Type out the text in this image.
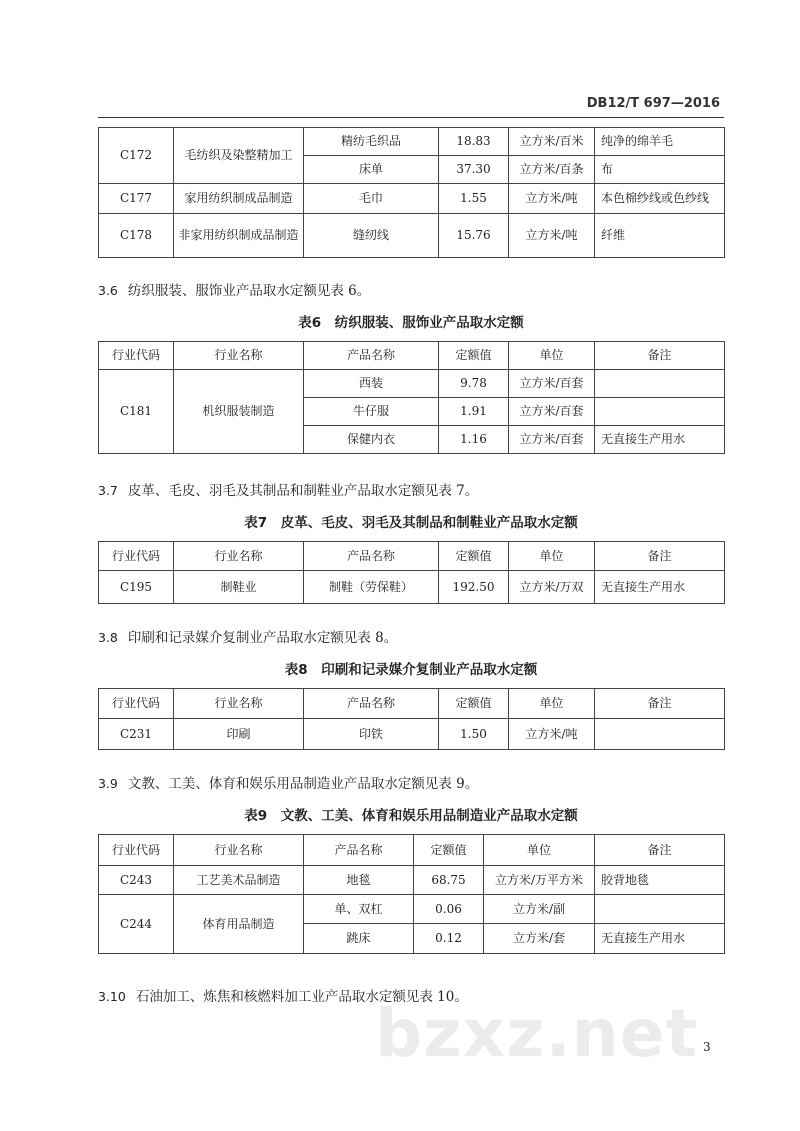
DB12/T 697—2016
C172	毛纺织及染整精加工	精纺毛织品	18.83	立方米/百米	纯净的绵羊毛
		床单	37.30	立方米/百条	布
C177	家用纺织制成品制造	毛巾	1.55	立方米/吨	本色棉纱线或色纱线
C178	非家用纺织制成品制造	缝纫线	15.76	立方米/吨	纤维
3.6 纺织服装、服饰业产品取水定额见表 6。
表6　纺织服装、服饰业产品取水定额
行业代码	行业名称	产品名称	定额值	单位	备注
C181	机织服装制造	西装	9.78	立方米/百套	
		牛仔服	1.91	立方米/百套	
		保健内衣	1.16	立方米/百套	无直接生产用水
3.7 皮革、毛皮、羽毛及其制品和制鞋业产品取水定额见表 7。
表7　皮革、毛皮、羽毛及其制品和制鞋业产品取水定额
行业代码	行业名称	产品名称	定额值	单位	备注
C195	制鞋业	制鞋（劳保鞋）	192.50	立方米/万双	无直接生产用水
3.8 印刷和记录媒介复制业产品取水定额见表 8。
表8　印刷和记录媒介复制业产品取水定额
行业代码	行业名称	产品名称	定额值	单位	备注
C231	印刷	印铁	1.50	立方米/吨	
3.9 文教、工美、体育和娱乐用品制造业产品取水定额见表 9。
表9　文教、工美、体育和娱乐用品制造业产品取水定额
行业代码	行业名称	产品名称	定额值	单位	备注
C243	工艺美术品制造	地毯	68.75	立方米/万平方米	胶背地毯
C244	体育用品制造	单、双杠	0.06	立方米/副	
		跳床	0.12	立方米/套	无直接生产用水
3.10 石油加工、炼焦和核燃料加工业产品取水定额见表 10。
bzxz.net 3
